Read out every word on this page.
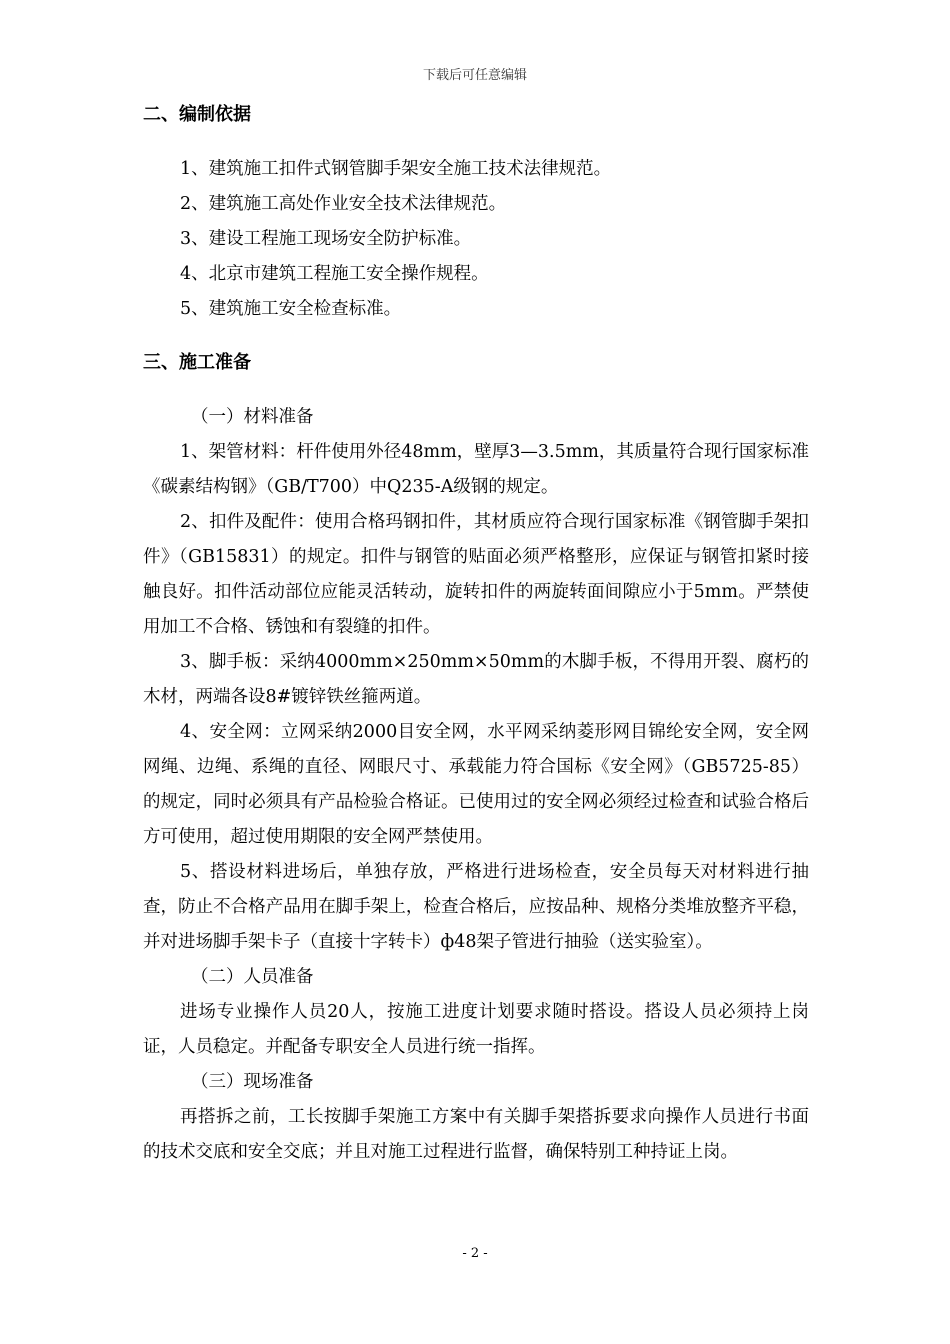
下载后可任意编辑

二、编制依据

1、建筑施工扣件式钢管脚手架安全施工技术法律规范。

2、建筑施工高处作业安全技术法律规范。

3、建设工程施工现场安全防护标准。

4、北京市建筑工程施工安全操作规程。

5、建筑施工安全检查标准。

三、施工准备

（一）材料准备

1、架管材料：杆件使用外径48mm，壁厚3—3.5mm，其质量符合现行国家标准《碳素结构钢》（GB/T700）中Q235-A级钢的规定。

2、扣件及配件：使用合格玛钢扣件，其材质应符合现行国家标准《钢管脚手架扣件》（GB15831）的规定。扣件与钢管的贴面必须严格整形，应保证与钢管扣紧时接触良好。扣件活动部位应能灵活转动，旋转扣件的两旋转面间隙应小于5mm。严禁使用加工不合格、锈蚀和有裂缝的扣件。

3、脚手板：采纳4000mm×250mm×50mm的木脚手板，不得用开裂、腐朽的木材，两端各设8#镀锌铁丝箍两道。

4、安全网：立网采纳2000目安全网，水平网采纳菱形网目锦纶安全网，安全网网绳、边绳、系绳的直径、网眼尺寸、承载能力符合国标《安全网》（GB5725-85）的规定，同时必须具有产品检验合格证。已使用过的安全网必须经过检查和试验合格后方可使用，超过使用期限的安全网严禁使用。

5、搭设材料进场后，单独存放，严格进行进场检查，安全员每天对材料进行抽查，防止不合格产品用在脚手架上，检查合格后，应按品种、规格分类堆放整齐平稳，并对进场脚手架卡子（直接十字转卡）ф48架子管进行抽验（送实验室）。

（二）人员准备

进场专业操作人员20人，按施工进度计划要求随时搭设。搭设人员必须持上岗证，人员稳定。并配备专职安全人员进行统一指挥。

（三）现场准备

再搭拆之前，工长按脚手架施工方案中有关脚手架搭拆要求向操作人员进行书面的技术交底和安全交底；并且对施工过程进行监督，确保特别工种持证上岗。

- 2 -
